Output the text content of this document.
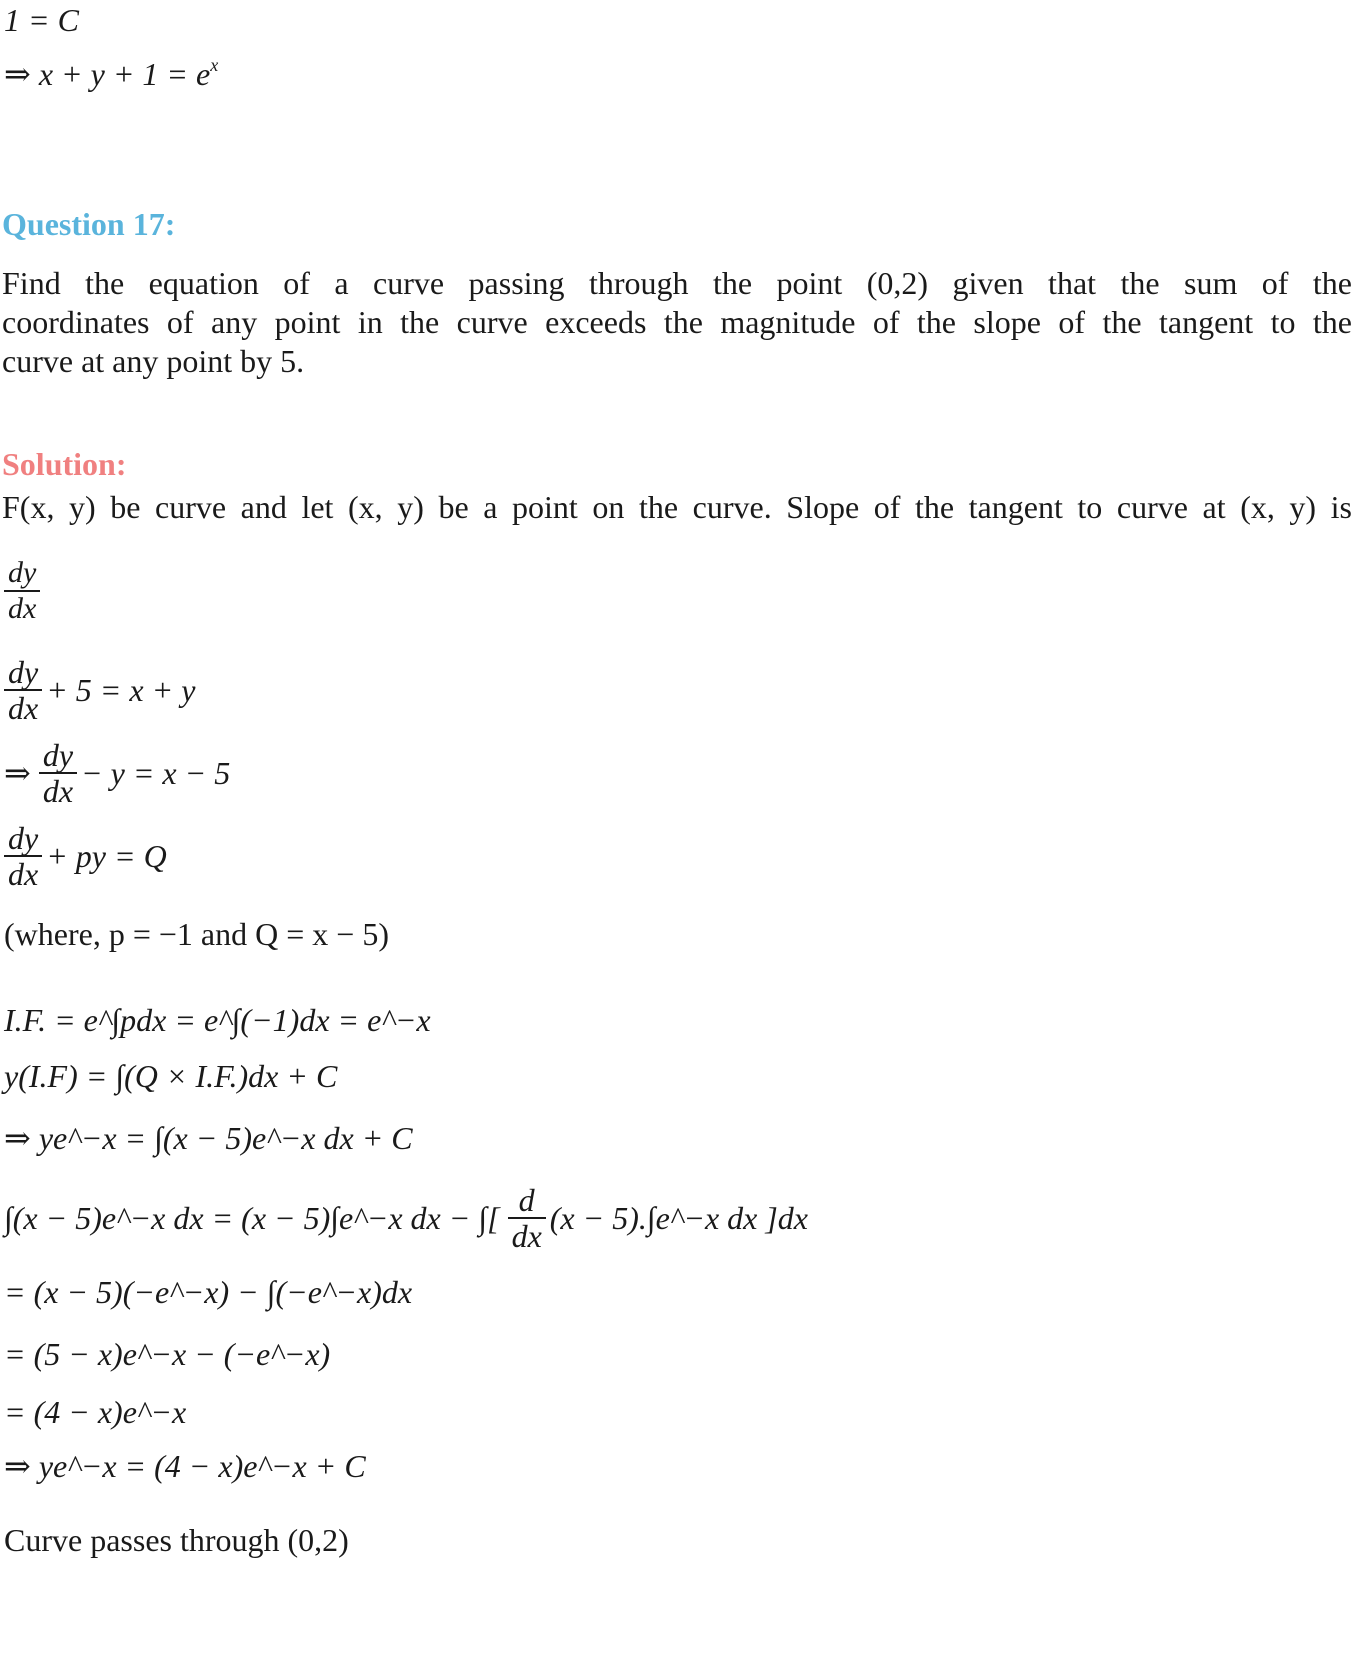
1 = C
⇒ $x + y + 1 = e^x$
Question 17:
Find the equation of a curve passing through the point (0,2) given that the sum of the
coordinates of any point in the curve exceeds the magnitude of the slope of the tangent to the
curve at any point by 5.
Solution:
F(x, y) be curve and let (x, y) be a point on the curve. Slope of the tangent to curve at (x, y) is
$\frac{dy}{dx}$
$\frac{dy}{dx} + 5 = x + y$
⇒ $\frac{dy}{dx} - y = x - 5$
$\frac{dy}{dx}$ + py = Q
(where, p = −1 and Q = x − 5)
I.F. = e^∫pdx = e^∫(−1)dx = e^−x
y(I.F) = ∫(Q × I.F.)dx + C
⇒ ye^−x = ∫(x − 5)e^−x dx + C
∫(x − 5)e^−x dx = (x − 5)∫e^−x dx − ∫[ $\frac{d}{dx} (x$ − 5).∫e^−x dx ]dx
= (x − 5)(−e^−x) − ∫(−e^−x)dx
= (5 − x)e^−x − (−e^−x)
= (4 − x)e^−x
⇒ ye^−x = (4 − x)e^−x + C
Curve passes through (0,2)
